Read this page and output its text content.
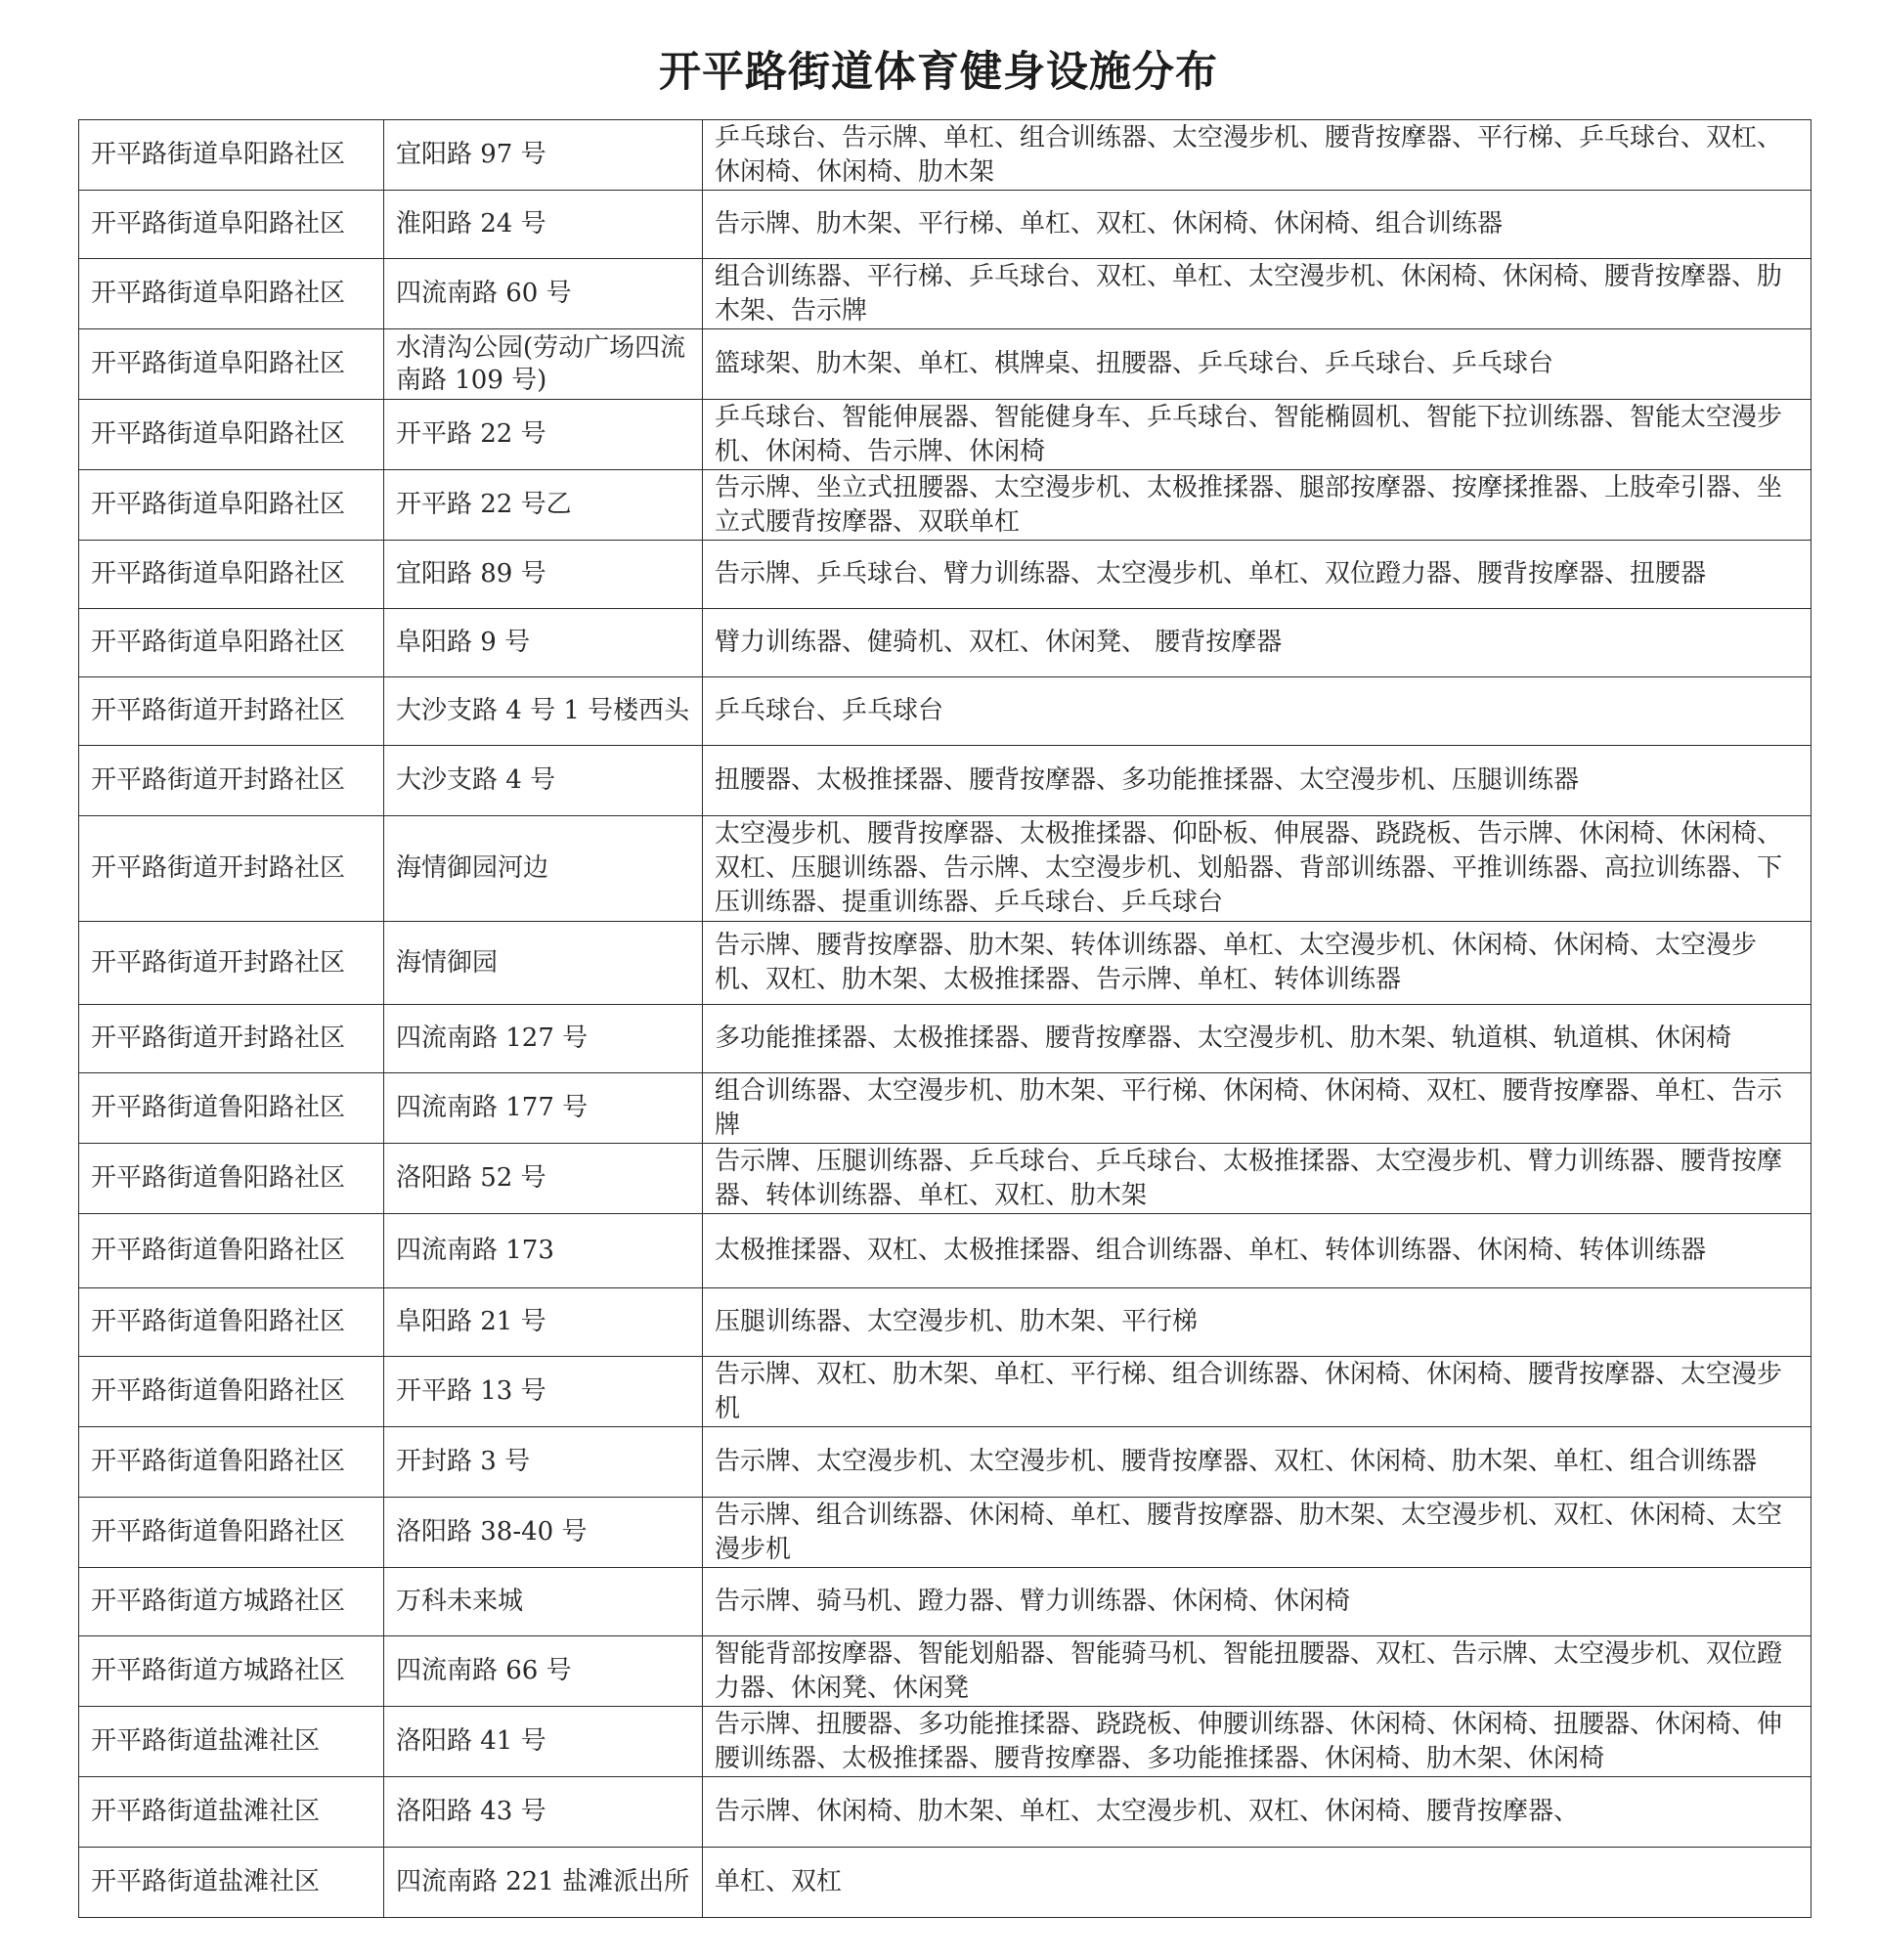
开平路街道体育健身设施分布
开平路街道阜阳路社区	宜阳路 97 号	乒乓球台、告示牌、单杠、组合训练器、太空漫步机、腰背按摩器、平行梯、乒乓球台、双杠、休闲椅、休闲椅、肋木架
开平路街道阜阳路社区	淮阳路 24 号	告示牌、肋木架、平行梯、单杠、双杠、休闲椅、休闲椅、组合训练器
开平路街道阜阳路社区	四流南路 60 号	组合训练器、平行梯、乒乓球台、双杠、单杠、太空漫步机、休闲椅、休闲椅、腰背按摩器、肋木架、告示牌
开平路街道阜阳路社区	水清沟公园(劳动广场四流南路 109 号)	篮球架、肋木架、单杠、棋牌桌、扭腰器、乒乓球台、乒乓球台、乒乓球台
开平路街道阜阳路社区	开平路 22 号	乒乓球台、智能伸展器、智能健身车、乒乓球台、智能椭圆机、智能下拉训练器、智能太空漫步机、休闲椅、告示牌、休闲椅
开平路街道阜阳路社区	开平路 22 号乙	告示牌、坐立式扭腰器、太空漫步机、太极推揉器、腿部按摩器、按摩揉推器、上肢牵引器、坐立式腰背按摩器、双联单杠
开平路街道阜阳路社区	宜阳路 89 号	告示牌、乒乓球台、臂力训练器、太空漫步机、单杠、双位蹬力器、腰背按摩器、扭腰器
开平路街道阜阳路社区	阜阳路 9 号	臂力训练器、健骑机、双杠、休闲凳、 腰背按摩器
开平路街道开封路社区	大沙支路 4 号 1 号楼西头	乒乓球台、乒乓球台
开平路街道开封路社区	大沙支路 4 号	扭腰器、太极推揉器、腰背按摩器、多功能推揉器、太空漫步机、压腿训练器
开平路街道开封路社区	海情御园河边	太空漫步机、腰背按摩器、太极推揉器、仰卧板、伸展器、跷跷板、告示牌、休闲椅、休闲椅、双杠、压腿训练器、告示牌、太空漫步机、划船器、背部训练器、平推训练器、高拉训练器、下压训练器、提重训练器、乒乓球台、乒乓球台
开平路街道开封路社区	海情御园	告示牌、腰背按摩器、肋木架、转体训练器、单杠、太空漫步机、休闲椅、休闲椅、太空漫步机、双杠、肋木架、太极推揉器、告示牌、单杠、转体训练器
开平路街道开封路社区	四流南路 127 号	多功能推揉器、太极推揉器、腰背按摩器、太空漫步机、肋木架、轨道棋、轨道棋、休闲椅
开平路街道鲁阳路社区	四流南路 177 号	组合训练器、太空漫步机、肋木架、平行梯、休闲椅、休闲椅、双杠、腰背按摩器、单杠、告示牌
开平路街道鲁阳路社区	洛阳路 52 号	告示牌、压腿训练器、乒乓球台、乒乓球台、太极推揉器、太空漫步机、臂力训练器、腰背按摩器、转体训练器、单杠、双杠、肋木架
开平路街道鲁阳路社区	四流南路 173	太极推揉器、双杠、太极推揉器、组合训练器、单杠、转体训练器、休闲椅、转体训练器
开平路街道鲁阳路社区	阜阳路 21 号	压腿训练器、太空漫步机、肋木架、平行梯
开平路街道鲁阳路社区	开平路 13 号	告示牌、双杠、肋木架、单杠、平行梯、组合训练器、休闲椅、休闲椅、腰背按摩器、太空漫步机
开平路街道鲁阳路社区	开封路 3 号	告示牌、太空漫步机、太空漫步机、腰背按摩器、双杠、休闲椅、肋木架、单杠、组合训练器
开平路街道鲁阳路社区	洛阳路 38-40 号	告示牌、组合训练器、休闲椅、单杠、腰背按摩器、肋木架、太空漫步机、双杠、休闲椅、太空漫步机
开平路街道方城路社区	万科未来城	告示牌、骑马机、蹬力器、臂力训练器、休闲椅、休闲椅
开平路街道方城路社区	四流南路 66 号	智能背部按摩器、智能划船器、智能骑马机、智能扭腰器、双杠、告示牌、太空漫步机、双位蹬力器、休闲凳、休闲凳
开平路街道盐滩社区	洛阳路 41 号	告示牌、扭腰器、多功能推揉器、跷跷板、伸腰训练器、休闲椅、休闲椅、扭腰器、休闲椅、伸腰训练器、太极推揉器、腰背按摩器、多功能推揉器、休闲椅、肋木架、休闲椅
开平路街道盐滩社区	洛阳路 43 号	告示牌、休闲椅、肋木架、单杠、太空漫步机、双杠、休闲椅、腰背按摩器、
开平路街道盐滩社区	四流南路 221 盐滩派出所	单杠、双杠
